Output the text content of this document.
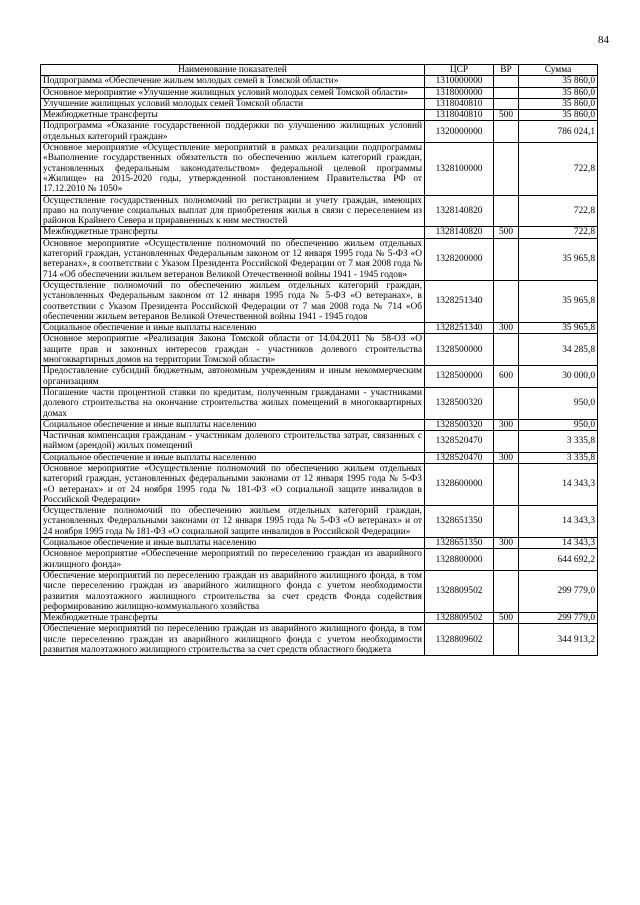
84
Наименование показателей	ЦСР	ВР	Сумма
Подпрограмма «Обеспечение жильем молодых семей в Томской области»	1310000000		35 860,0
Основное мероприятие «Улучшение жилищных условий молодых семей Томской области»	1318000000		35 860,0
Улучшение жилищных условий молодых семей Томской области	1318040810		35 860,0
Межбюджетные трансферты	1318040810	500	35 860,0
Подпрограмма «Оказание государственной поддержки по улучшению жилищных условий отдельных категорий граждан»	1320000000		786 024,1
Основное мероприятие «Осуществление мероприятий в рамках реализации подпрограммы «Выполнение государственных обязательств по обеспечению жильем категорий граждан, установленных федеральным законодательством» федеральной целевой программы «Жилище» на 2015-2020 годы, утвержденной постановлением Правительства РФ от 17.12.2010 № 1050»	1328100000		722,8
Осуществление государственных полномочий по регистрации и учету граждан, имеющих право на получение социальных выплат для приобретения жилья в связи с переселением из районов Крайнего Севера и приравненных к ним местностей	1328140820		722,8
Межбюджетные трансферты	1328140820	500	722,8
Основное мероприятие «Осуществление полномочий по обеспечению жильем отдельных категорий граждан, установленных Федеральным законом от 12 января 1995 года № 5-ФЗ «О ветеранах», в соответствии с Указом Президента Российской Федерации от 7 мая 2008 года № 714 «Об обеспечении жильем ветеранов Великой Отечественной войны 1941 - 1945 годов»	1328200000		35 965,8
Осуществление полномочий по обеспечению жильем отдельных категорий граждан, установленных Федеральным законом от 12 января 1995 года № 5-ФЗ «О ветеранах», в соответствии с Указом Президента Российской Федерации от 7 мая 2008 года № 714 «Об обеспечении жильем ветеранов Великой Отечественной войны 1941 - 1945 годов	1328251340		35 965,8
Социальное обеспечение и иные выплаты населению	1328251340	300	35 965,8
Основное мероприятие «Реализация Закона Томской области от 14.04.2011 № 58-ОЗ «О защите прав и законных интересов граждан - участников долевого строительства многоквартирных домов на территории Томской области»	1328500000		34 285,8
Предоставление субсидий бюджетным, автономным учреждениям и иным некоммерческим организациям	1328500000	600	30 000,0
Погашение части процентной ставки по кредитам, полученным гражданами - участниками долевого строительства на окончание строительства жилых помещений в многоквартирных домах	1328500320		950,0
Социальное обеспечение и иные выплаты населению	1328500320	300	950,0
Частичная компенсация гражданам - участникам долевого строительства затрат, связанных с наймом (арендой) жилых помещений	1328520470		3 335,8
Социальное обеспечение и иные выплаты населению	1328520470	300	3 335,8
Основное мероприятие «Осуществление полномочий по обеспечению жильем отдельных категорий граждан, установленных федеральными законами от 12 января 1995 года № 5-ФЗ «О ветеранах» и от 24 ноября 1995 года № 181-ФЗ «О социальной защите инвалидов в Российской Федерации»	1328600000		14 343,3
Осуществление полномочий по обеспечению жильем отдельных категорий граждан, установленных Федеральными законами от 12 января 1995 года № 5-ФЗ «О ветеранах» и от 24 ноября 1995 года № 181-ФЗ «О социальной защите инвалидов в Российской Федерации»	1328651350		14 343,3
Социальное обеспечение и иные выплаты населению	1328651350	300	14 343,3
Основное мероприятие «Обеспечение мероприятий по переселению граждан из аварийного жилищного фонда»	1328800000		644 692,2
Обеспечение мероприятий по переселению граждан из аварийного жилищного фонда, в том числе переселению граждан из аварийного жилищного фонда с учетом необходимости развития малоэтажного жилищного строительства за счет средств Фонда содействия реформированию жилищно-коммунального хозяйства	1328809502		299 779,0
Межбюджетные трансферты	1328809502	500	299 779,0
Обеспечение мероприятий по переселению граждан из аварийного жилищного фонда, в том числе переселению граждан из аварийного жилищного фонда с учетом необходимости развития малоэтажного жилищного строительства за счет средств областного бюджета	1328809602		344 913,2
